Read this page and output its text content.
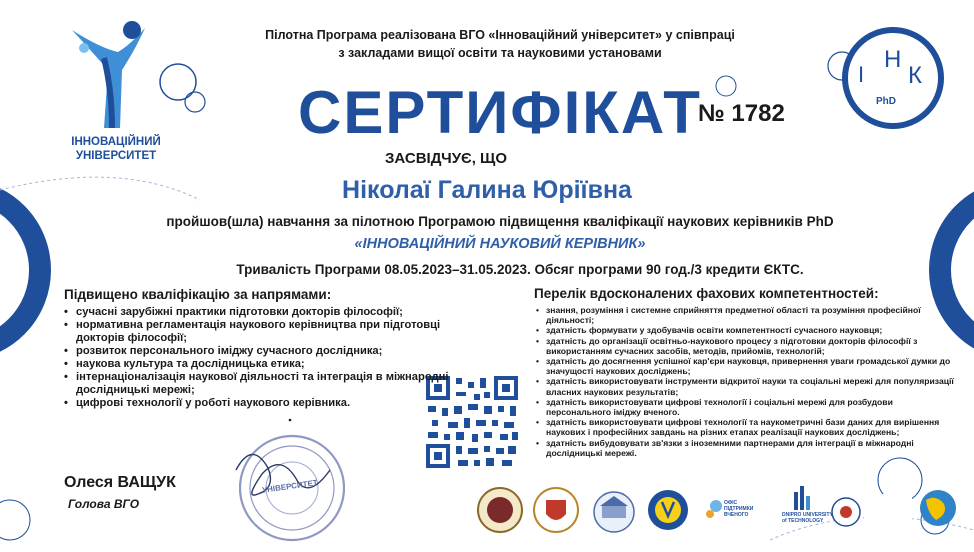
Пілотна Програма реалізована ВГО «Інноваційний університет» у співпраці
з закладами вищої освіти та науковими установами
ІННОВАЦІЙНИЙ
УНІВЕРСИТЕТ
І
Н
К
PhD
СЕРТИФІКАТ
№ 1782
ЗАСВІДЧУЄ, ЩО
Ніколаї Галина Юріївна
пройшов(шла) навчання за пілотною Програмою підвищення кваліфікації наукових керівників PhD
«ІННОВАЦІЙНИЙ НАУКОВИЙ КЕРІВНИК»
Тривалість Програми 08.05.2023–31.05.2023. Обсяг програми 90 год./3 кредити ЄКТС.
Підвищено кваліфікацію за напрямами:
• сучасні зарубіжні практики підготовки докторів філософії;
• нормативна регламентація наукового керівництва при підготовці докторів філософії;
• розвиток персонального іміджу сучасного дослідника;
• наукова культура та дослідницька етика;
• інтернаціоналізація наукової діяльності та інтеграція в міжнародні дослідницькі мережі;
• цифрові технології у роботі наукового керівника.
Перелік вдосконалених фахових компетентностей:
• знання, розуміння і системне сприйняття предметної області та розуміння професійної діяльності;
• здатність формувати у здобувачів освіти компетентності сучасного науковця;
• здатність до організації освітньо-наукового процесу з підготовки докторів філософії з використанням сучасних засобів, методів, прийомів, технологій;
• здатність до досягнення успішної кар'єри науковця, привернення уваги громадської думки до значущості наукових досліджень;
• здатність використовувати інструменти відкритої науки та соціальні мережі для популяризації власних наукових результатів;
• здатність використовувати цифрові технології і соціальні мережі для розбудови персонального іміджу вченого.
• здатність використовувати цифрові технології та наукометричні бази даних для вирішення наукових і професійних завдань на різних етапах реалізації наукових досліджень;
• здатність вибудовувати зв'язки з іноземними партнерами для інтеграції в міжнародні дослідницькі мережі.
УНІВЕРСИТЕТ
Олеся ВАЩУК
Голова ВГО	ОФІС
ПІДТРИМКИ
ВЧЕНОГО	DNIPRO UNIVERSITY
of TECHNOLOGY
